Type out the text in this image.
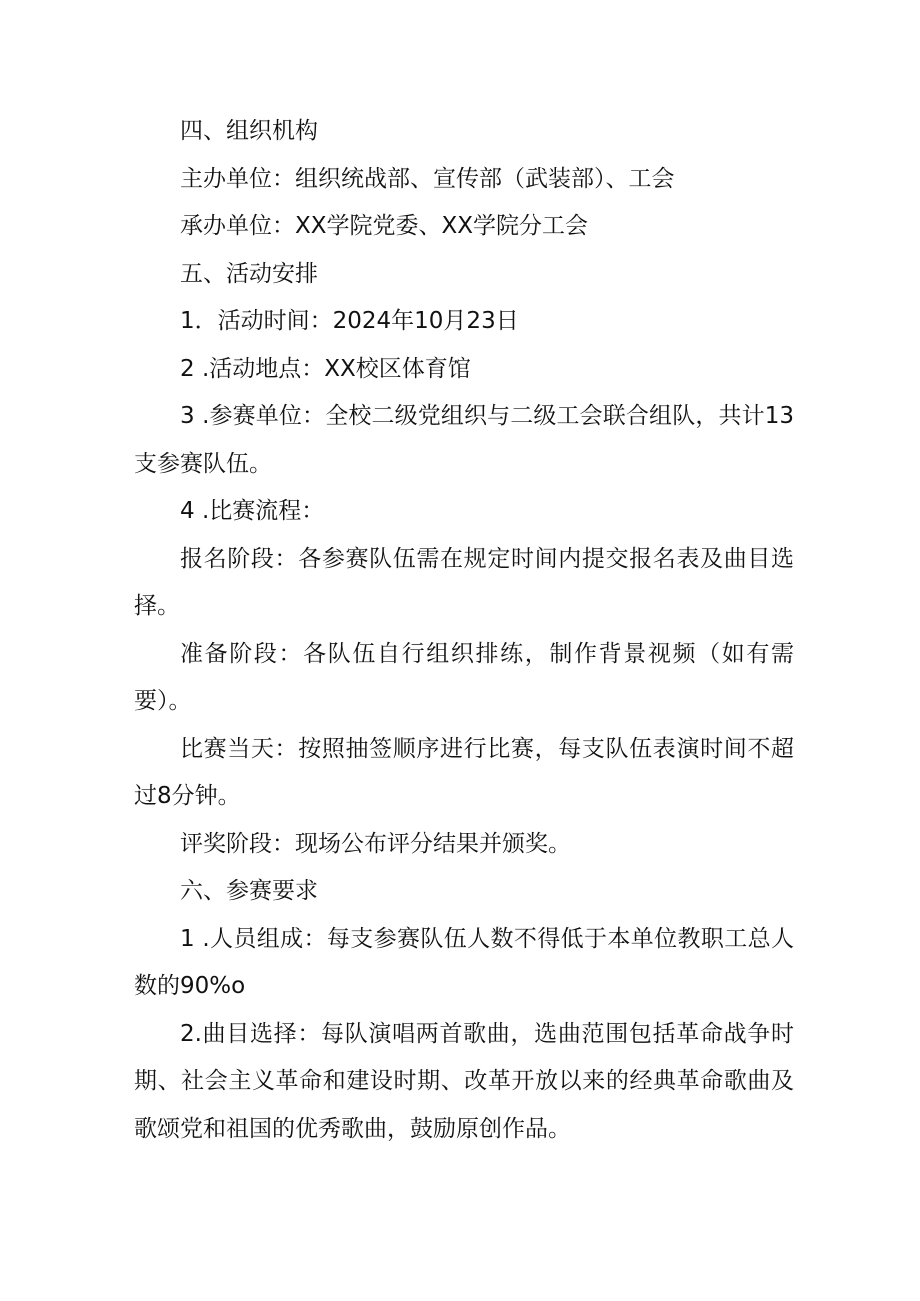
四、组织机构

主办单位：组织统战部、宣传部（武装部）、工会

承办单位：XX学院党委、XX学院分工会

五、活动安排

1．活动时间：2024年10月23日

2 .活动地点：XX校区体育馆

3 .参赛单位：全校二级党组织与二级工会联合组队，共计13支参赛队伍。

4 .比赛流程：

报名阶段：各参赛队伍需在规定时间内提交报名表及曲目选择。

准备阶段：各队伍自行组织排练，制作背景视频（如有需要）。

比赛当天：按照抽签顺序进行比赛，每支队伍表演时间不超过8分钟。

评奖阶段：现场公布评分结果并颁奖。

六、参赛要求

1 .人员组成：每支参赛队伍人数不得低于本单位教职工总人数的90%o

2.曲目选择：每队演唱两首歌曲，选曲范围包括革命战争时期、社会主义革命和建设时期、改革开放以来的经典革命歌曲及歌颂党和祖国的优秀歌曲，鼓励原创作品。
